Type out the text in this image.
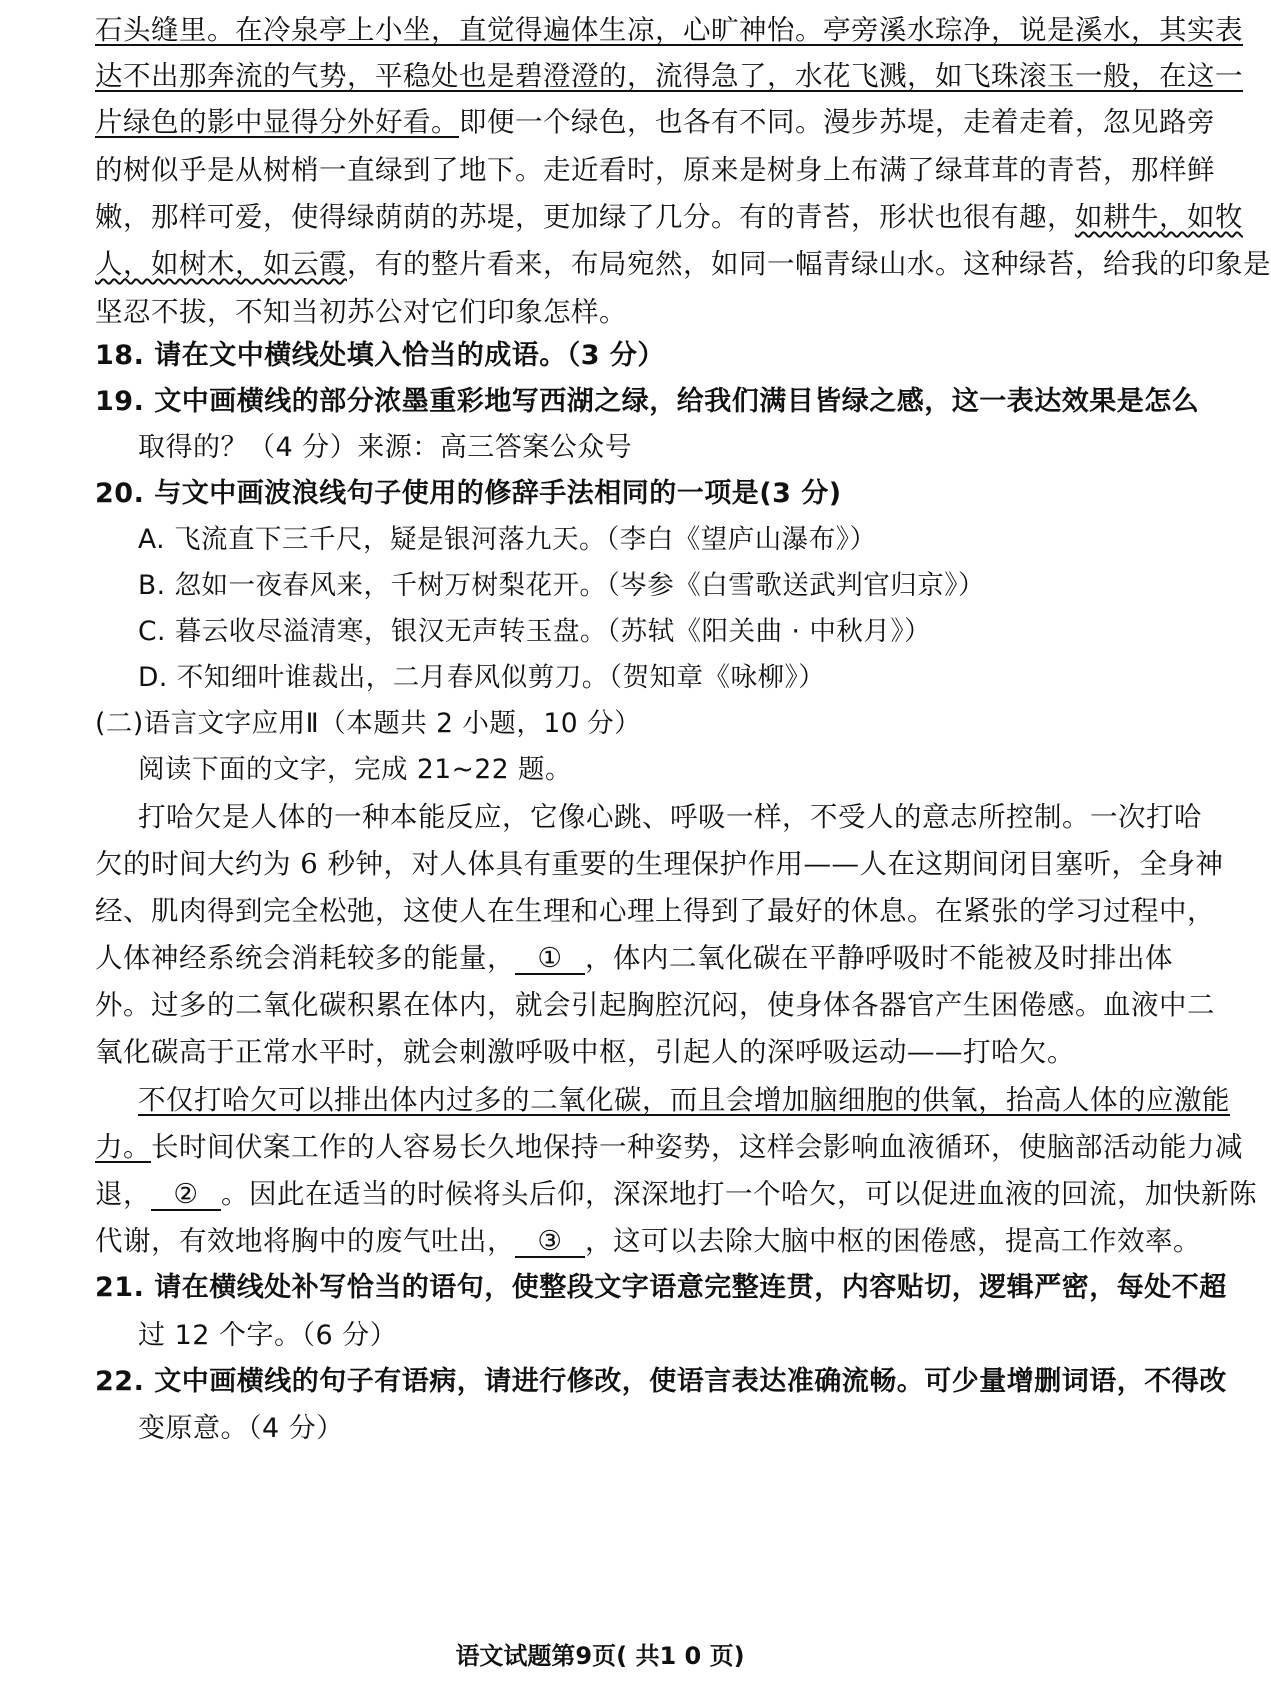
石头缝里。在冷泉亭上小坐，直觉得遍体生凉，心旷神怡。亭旁溪水琮净，说是溪水，其实表
达不出那奔流的气势，平稳处也是碧澄澄的，流得急了，水花飞溅，如飞珠滚玉一般，在这一
片绿色的影中显得分外好看。即便一个绿色，也各有不同。漫步苏堤，走着走着，忽见路旁
的树似乎是从树梢一直绿到了地下。走近看时，原来是树身上布满了绿茸茸的青苔，那样鲜
嫩，那样可爱，使得绿荫荫的苏堤，更加绿了几分。有的青苔，形状也很有趣，如耕牛，如牧
人，如树木，如云霞，有的整片看来，布局宛然，如同一幅青绿山水。这种绿苔，给我的印象是
坚忍不拔，不知当初苏公对它们印象怎样。
18. 请在文中横线处填入恰当的成语。（3 分）
19. 文中画横线的部分浓墨重彩地写西湖之绿，给我们满目皆绿之感，这一表达效果是怎么
取得的？（4 分）来源：高三答案公众号
20. 与文中画波浪线句子使用的修辞手法相同的一项是(3 分)
A. 飞流直下三千尺，疑是银河落九天。（李白《望庐山瀑布》）
B. 忽如一夜春风来，千树万树梨花开。（岑参《白雪歌送武判官归京》）
C. 暮云收尽溢清寒，银汉无声转玉盘。（苏轼《阳关曲 · 中秋月》）
D. 不知细叶谁裁出，二月春风似剪刀。（贺知章《咏柳》）
(二)语言文字应用Ⅱ（本题共 2 小题，10 分）
阅读下面的文字，完成 21~22 题。
打哈欠是人体的一种本能反应，它像心跳、呼吸一样，不受人的意志所控制。一次打哈
欠的时间大约为 6 秒钟，对人体具有重要的生理保护作用——人在这期间闭目塞听，全身神
经、肌肉得到完全松弛，这使人在生理和心理上得到了最好的休息。在紧张的学习过程中，
人体神经系统会消耗较多的能量， ① ，体内二氧化碳在平静呼吸时不能被及时排出体
外。过多的二氧化碳积累在体内，就会引起胸腔沉闷，使身体各器官产生困倦感。血液中二
氧化碳高于正常水平时，就会刺激呼吸中枢，引起人的深呼吸运动——打哈欠。
不仅打哈欠可以排出体内过多的二氧化碳，而且会增加脑细胞的供氧，抬高人体的应激能
力。长时间伏案工作的人容易长久地保持一种姿势，这样会影响血液循环，使脑部活动能力减
退， ② 。因此在适当的时候将头后仰，深深地打一个哈欠，可以促进血液的回流，加快新陈
代谢，有效地将胸中的废气吐出， ③ ，这可以去除大脑中枢的困倦感，提高工作效率。
21. 请在横线处补写恰当的语句，使整段文字语意完整连贯，内容贴切，逻辑严密，每处不超
过 12 个字。（6 分）
22. 文中画横线的句子有语病，请进行修改，使语言表达准确流畅。可少量增删词语，不得改
变原意。（4 分）
语文试题第9页( 共1 0 页)
